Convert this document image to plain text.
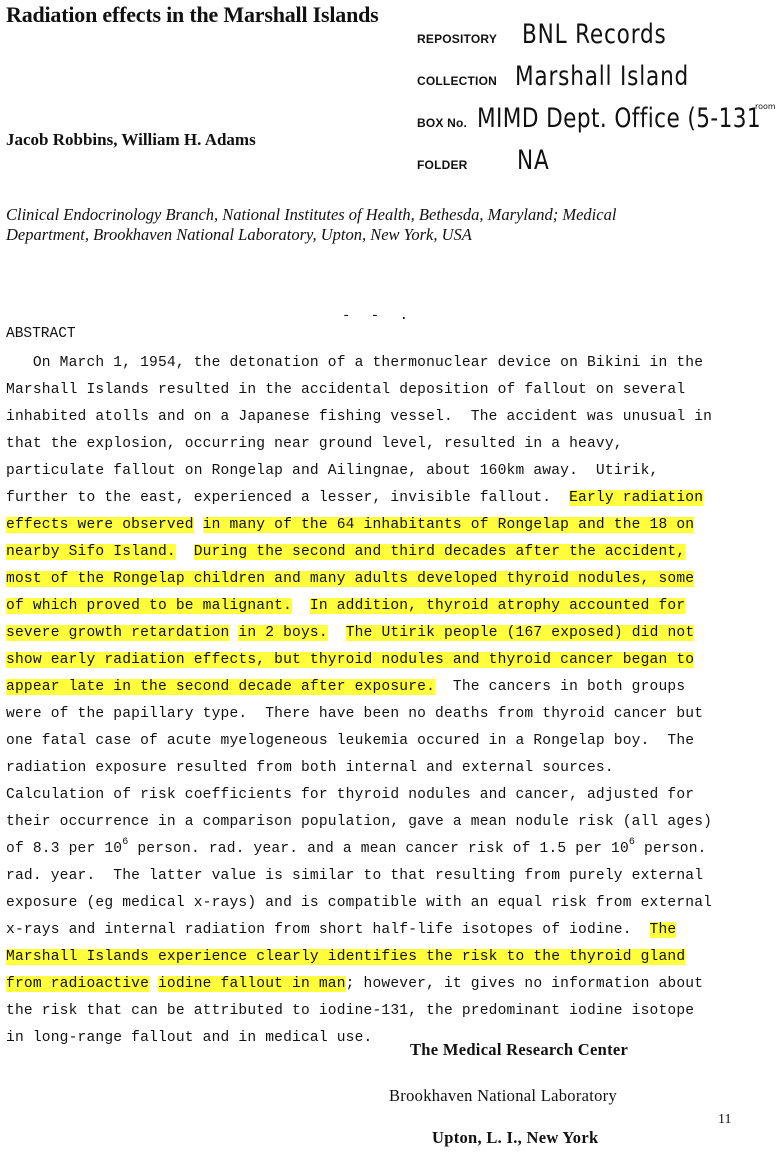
Radiation effects in the Marshall Islands
REPOSITORY BNL Records
COLLECTION Marshall Island
BOX No. MIMD Dept. Office (5-131
room
FOLDER NA
Jacob Robbins, William H. Adams
Clinical Endocrinology Branch, National Institutes of Health, Bethesda, Maryland; Medical Department, Brookhaven National Laboratory, Upton, New York, USA
- - .
ABSTRACT
On March 1, 1954, the detonation of a thermonuclear device on Bikini in the
Marshall Islands resulted in the accidental deposition of fallout on several
inhabited atolls and on a Japanese fishing vessel.  The accident was unusual in
that the explosion, occurring near ground level, resulted in a heavy,
particulate fallout on Rongelap and Ailingnae, about 160km away.  Utirik,
further to the east, experienced a lesser, invisible fallout.  Early radiation
effects were observed in many of the 64 inhabitants of Rongelap and the 18 on
nearby Sifo Island. During the second and third decades after the accident,
most of the Rongelap children and many adults developed thyroid nodules, some
of which proved to be malignant. In addition, thyroid atrophy accounted for
severe growth retardation in 2 boys. The Utirik people (167 exposed) did not
show early radiation effects, but thyroid nodules and thyroid cancer began to
appear late in the second decade after exposure.  The cancers in both groups
were of the papillary type.  There have been no deaths from thyroid cancer but
one fatal case of acute myelogeneous leukemia occured in a Rongelap boy.  The
radiation exposure resulted from both internal and external sources.
Calculation of risk coefficients for thyroid nodules and cancer, adjusted for
their occurrence in a comparison population, gave a mean nodule risk (all ages)
of 8.3 per $10^6$ person. rad. year. and a mean cancer risk of 1.5 per $10^6$ person.
rad. year.  The latter value is similar to that resulting from purely external
exposure (eg medical x-rays) and is compatible with an equal risk from external
x-rays and internal radiation from short half-life isotopes of iodine.  The
Marshall Islands experience clearly identifies the risk to the thyroid gland
from radioactive iodine fallout in man; however, it gives no information about
the risk that can be attributed to iodine-131, the predominant iodine isotope
in long-range fallout and in medical use.
The Medical Research Center
Brookhaven National Laboratory
Upton, L. I., New York
11
